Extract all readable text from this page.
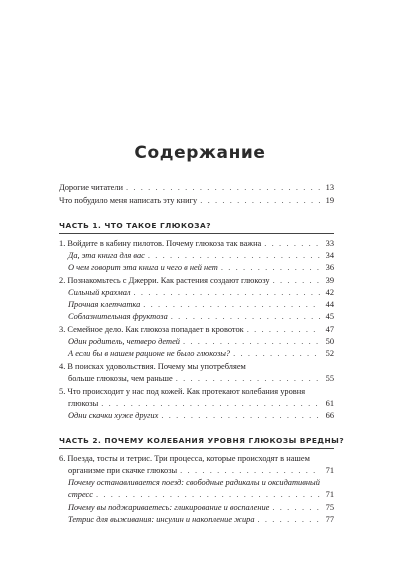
Содержание
Дорогие читатели . . .	13
Что побудило меня написать эту книгу . . .	19
ЧАСТЬ 1. ЧТО ТАКОЕ ГЛЮКОЗА?
1. Войдите в кабину пилотов. Почему глюкоза так важна . . .	33
Да, эта книга для вас . . .	34
О чем говорит эта книга и чего в ней нет . . .	36
2. Познакомьтесь с Джерри. Как растения создают глюкозу . . .	39
Сильный крахмал . . .	42
Прочная клетчатка . . .	44
Соблазнительная фруктоза . . .	45
3. Семейное дело. Как глюкоза попадает в кровоток . . .	47
Один родитель, четверо детей . . .	50
А если бы в нашем рационе не было глюкозы? . . .	52
4. В поисках удовольствия. Почему мы употребляем
больше глюкозы, чем раньше . . .	55
5. Что происходит у нас под кожей. Как протекают колебания уровня
глюкозы . . .	61
Одни скачки хуже других . . .	66
ЧАСТЬ 2. ПОЧЕМУ КОЛЕБАНИЯ УРОВНЯ ГЛЮКОЗЫ ВРЕДНЫ?
6. Поезда, тосты и тетрис. Три процесса, которые происходят в нашем
организме при скачке глюкозы . . .	71
Почему останавливается поезд: свободные радикалы и оксидативный
стресс . . .	71
Почему вы поджариваетесь: гликирование и воспаление . . .	75
Тетрис для выживания: инсулин и накопление жира . . .	77
